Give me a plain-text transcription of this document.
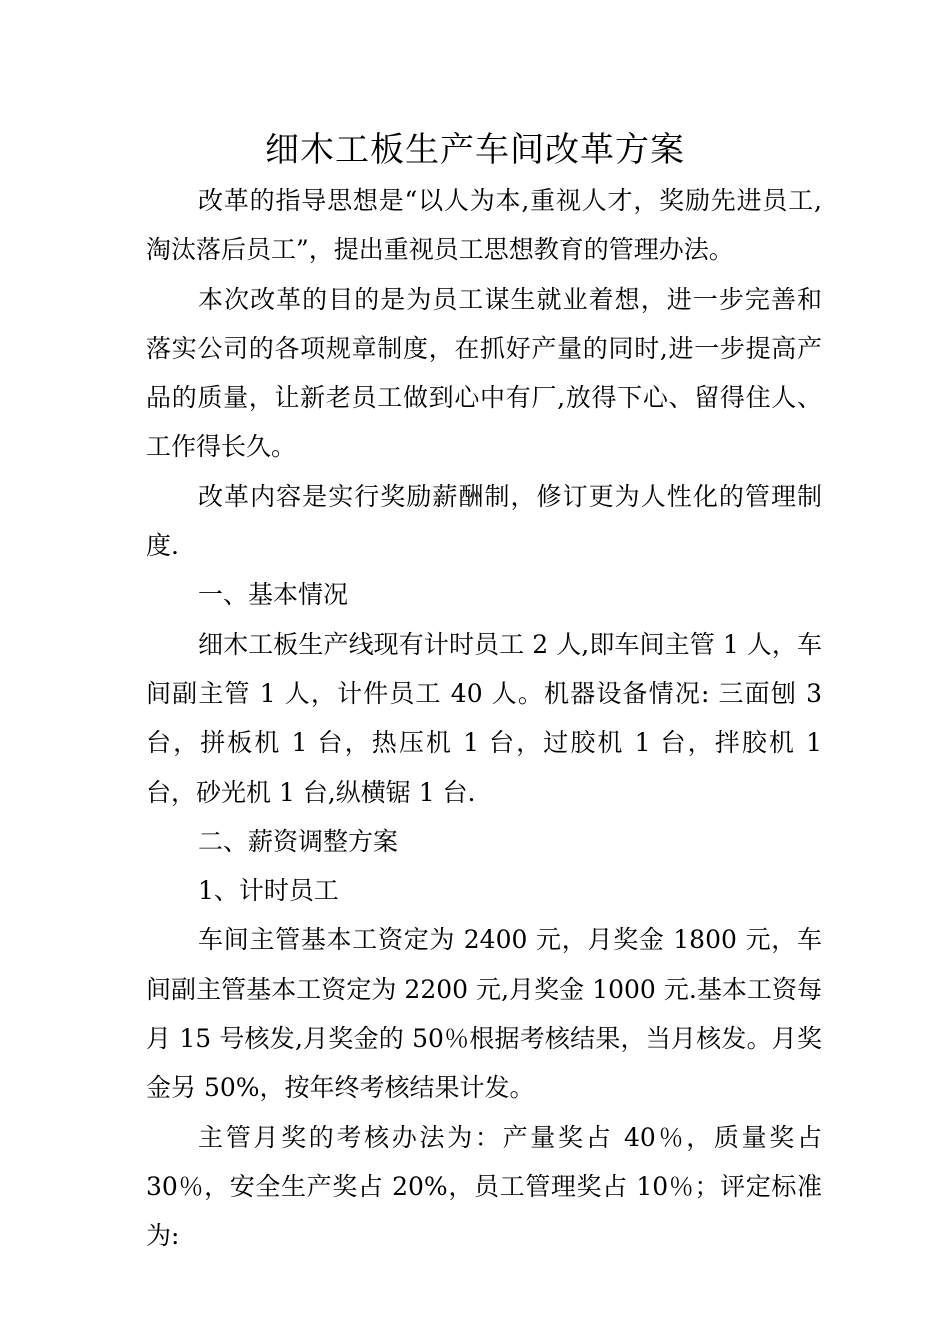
细木工板生产车间改革方案

改革的指导思想是“以人为本,重视人才，奖励先进员工,淘汰落后员工”，提出重视员工思想教育的管理办法。

本次改革的目的是为员工谋生就业着想，进一步完善和落实公司的各项规章制度，在抓好产量的同时,进一步提高产品的质量，让新老员工做到心中有厂,放得下心、留得住人、工作得长久。

改革内容是实行奖励薪酬制，修订更为人性化的管理制度.

一、基本情况

细木工板生产线现有计时员工 2 人,即车间主管 1 人，车间副主管 1 人，计件员工 40 人。机器设备情况: 三面刨 3 台，拼板机 1 台，热压机 1 台，过胶机 1 台，拌胶机 1 台，砂光机 1 台,纵横锯 1 台.

二、薪资调整方案

1、计时员工

车间主管基本工资定为 2400 元，月奖金 1800 元，车间副主管基本工资定为 2200 元,月奖金 1000 元.基本工资每月 15 号核发,月奖金的 50％根据考核结果，当月核发。月奖金另 50%，按年终考核结果计发。

主管月奖的考核办法为：产量奖占 40％，质量奖占 30％，安全生产奖占 20%，员工管理奖占 10％；评定标准为:
